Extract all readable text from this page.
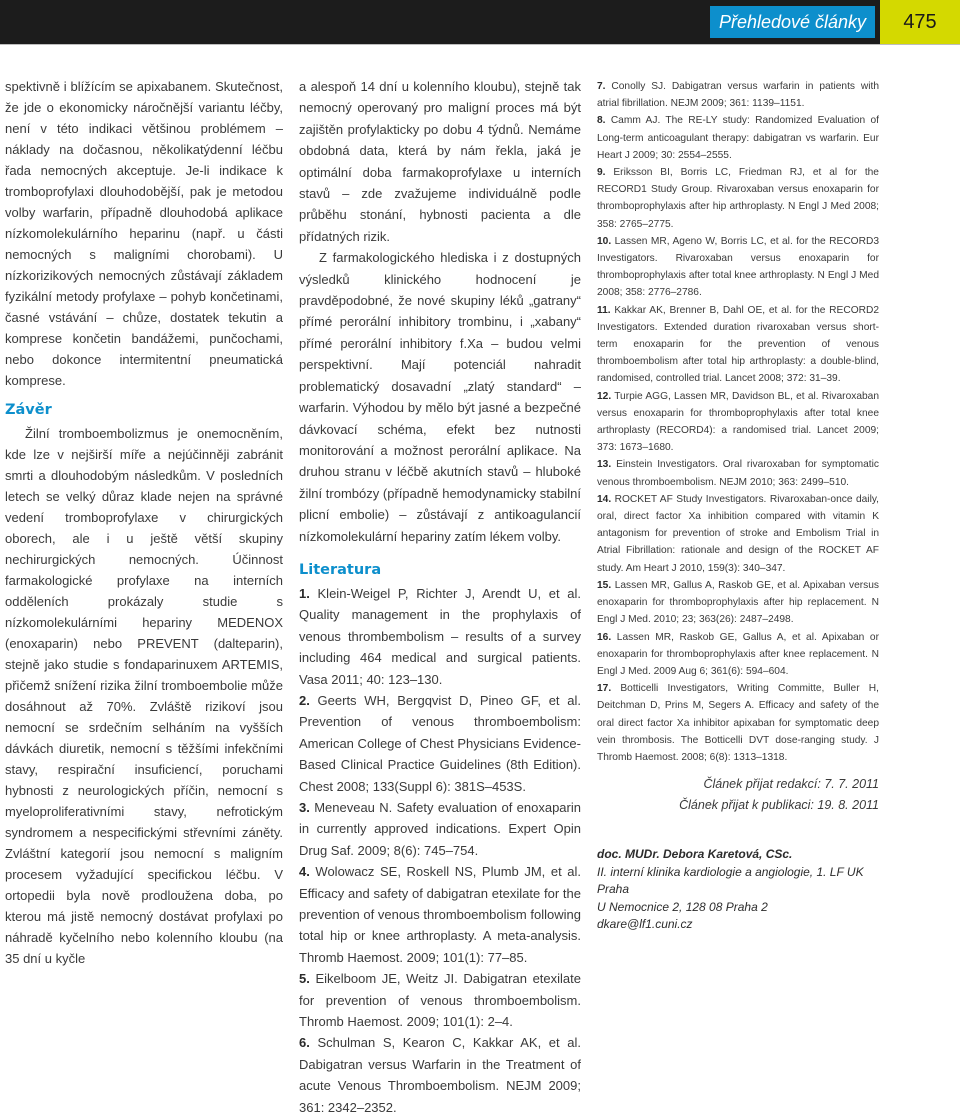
Přehledové články	475

spektivně i blížícím se apixabanem. Skutečnost, že jde o ekonomicky náročnější variantu léčby, není v této indikaci většinou problémem – náklady na dočasnou, několikatýdenní léčbu řada nemocných akceptuje. Je-li indikace k tromboprofylaxi dlouhodobější, pak je metodou volby warfarin, případně dlouhodobá aplikace nízkomolekulárního heparinu (např. u části nemocných s maligními chorobami). U nízkorizikových nemocných zůstávají základem fyzikální metody profylaxe – pohyb končetinami, časné vstávání – chůze, dostatek tekutin a komprese končetin bandážemi, punčochami, nebo dokonce intermitentní pneumatická komprese.

Závěr

Žilní tromboembolizmus je onemocněním, kde lze v nejširší míře a nejúčinněji zabránit smrti a dlouhodobým následkům. V posledních letech se velký důraz klade nejen na správné vedení tromboprofylaxe v chirurgických oborech, ale i u ještě větší skupiny nechirurgických nemocných. Účinnost farmakologické profylaxe na interních odděleních prokázaly studie s nízkomolekulárními hepariny MEDENOX (enoxaparin) nebo PREVENT (dalteparin), stejně jako studie s fondaparinuxem ARTEMIS, přičemž snížení rizika žilní tromboembolie může dosáhnout až 70%. Zvláště rizikoví jsou nemocní se srdečním selháním na vyšších dávkách diuretik, nemocní s těžšími infekčními stavy, respirační insuficiencí, poruchami hybnosti z neurologických příčin, nemocní s myeloproliferativními stavy, nefrotickým syndromem a nespecifickými střevními záněty. Zvláštní kategorií jsou nemocní s maligním procesem vyžadující specifickou léčbu. V ortopedii byla nově prodloužena doba, po kterou má jistě nemocný dostávat profylaxi po náhradě kyčelního nebo kolenního kloubu (na 35 dní u kyčle

a alespoň 14 dní u kolenního kloubu), stejně tak nemocný operovaný pro maligní proces má být zajištěn profylakticky po dobu 4 týdnů. Nemáme obdobná data, která by nám řekla, jaká je optimální doba farmakoprofylaxe u interních stavů – zde zvažujeme individuálně podle průběhu stonání, hybnosti pacienta a dle přídatných rizik.

Z farmakologického hlediska i z dostupných výsledků klinického hodnocení je pravděpodobné, že nové skupiny léků „gatrany“ přímé perorální inhibitory trombinu, i „xabany“ přímé perorální inhibitory f.Xa – budou velmi perspektivní. Mají potenciál nahradit problematický dosavadní „zlatý standard“ – warfarin. Výhodou by mělo být jasné a bezpečné dávkovací schéma, efekt bez nutnosti monitorování a možnost perorální aplikace. Na druhou stranu v léčbě akutních stavů – hluboké žilní trombózy (případně hemodynamicky stabilní plicní embolie) – zůstávají z antikoagulancií nízkomolekulární hepariny zatím lékem volby.

Literatura
1. Klein-Weigel P, Richter J, Arendt U, et al. Quality management in the prophylaxis of venous thrombembolism – results of a survey including 464 medical and surgical patients. Vasa 2011; 40: 123–130.
2. Geerts WH, Bergqvist D, Pineo GF, et al. Prevention of venous thromboembolism: American College of Chest Physicians Evidence-Based Clinical Practice Guidelines (8th Edition). Chest 2008; 133(Suppl 6): 381S–453S.
3. Meneveau N. Safety evaluation of enoxaparin in currently approved indications. Expert Opin Drug Saf. 2009; 8(6): 745–754.
4. Wolowacz SE, Roskell NS, Plumb JM, et al. Efficacy and safety of dabigatran etexilate for the prevention of venous thromboembolism following total hip or knee arthroplasty. A meta-analysis. Thromb Haemost. 2009; 101(1): 77–85.
5. Eikelboom JE, Weitz JI. Dabigatran etexilate for prevention of venous thromboembolism. Thromb Haemost. 2009; 101(1): 2–4.
6. Schulman S, Kearon C, Kakkar AK, et al. Dabigatran versus Warfarin in the Treatment of acute Venous Thromboembolism. NEJM 2009; 361: 2342–2352.
7. Conolly SJ. Dabigatran versus warfarin in patients with atrial fibrillation. NEJM 2009; 361: 1139–1151.
8. Camm AJ. The RE-LY study: Randomized Evaluation of Long-term anticoagulant therapy: dabigatran vs warfarin. Eur Heart J 2009; 30: 2554–2555.
9. Eriksson BI, Borris LC, Friedman RJ, et al for the RECORD1 Study Group. Rivaroxaban versus enoxaparin for thromboprophylaxis after hip arthroplasty. N Engl J Med 2008; 358: 2765–2775.
10. Lassen MR, Ageno W, Borris LC, et al. for the RECORD3 Investigators. Rivaroxaban versus enoxaparin for thromboprophylaxis after total knee arthroplasty. N Engl J Med 2008; 358: 2776–2786.
11. Kakkar AK, Brenner B, Dahl OE, et al. for the RECORD2 Investigators. Extended duration rivaroxaban versus short-term enoxaparin for the prevention of venous thromboembolism after total hip arthroplasty: a double-blind, randomised, controlled trial. Lancet 2008; 372: 31–39.
12. Turpie AGG, Lassen MR, Davidson BL, et al. Rivaroxaban versus enoxaparin for thromboprophylaxis after total knee arthroplasty (RECORD4): a randomised trial. Lancet 2009; 373: 1673–1680.
13. Einstein Investigators. Oral rivaroxaban for symptomatic venous thromboembolism. NEJM 2010; 363: 2499–510.
14. ROCKET AF Study Investigators. Rivaroxaban-once daily, oral, direct factor Xa inhibition compared with vitamin K antagonism for prevention of stroke and Embolism Trial in Atrial Fibrillation: rationale and design of the ROCKET AF study. Am Heart J 2010, 159(3): 340–347.
15. Lassen MR, Gallus A, Raskob GE, et al. Apixaban versus enoxaparin for thromboprophylaxis after hip replacement. N Engl J Med. 2010; 23; 363(26): 2487–2498.
16. Lassen MR, Raskob GE, Gallus A, et al. Apixaban or enoxaparin for thromboprophylaxis after knee replacement. N Engl J Med. 2009 Aug 6; 361(6): 594–604.
17. Botticelli Investigators, Writing Committe, Buller H, Deitchman D, Prins M, Segers A. Efficacy and safety of the oral direct factor Xa inhibitor apixaban for symptomatic deep vein thrombosis. The Botticelli DVT dose-ranging study. J Thromb Haemost. 2008; 6(8): 1313–1318.
Článek přijat redakcí: 7. 7. 2011
Článek přijat k publikaci: 19. 8. 2011
doc. MUDr. Debora Karetová, CSc.
II. interní klinika kardiologie a angiologie, 1. LF UK Praha
U Nemocnice 2, 128 08 Praha 2
dkare@lf1.cuni.cz
